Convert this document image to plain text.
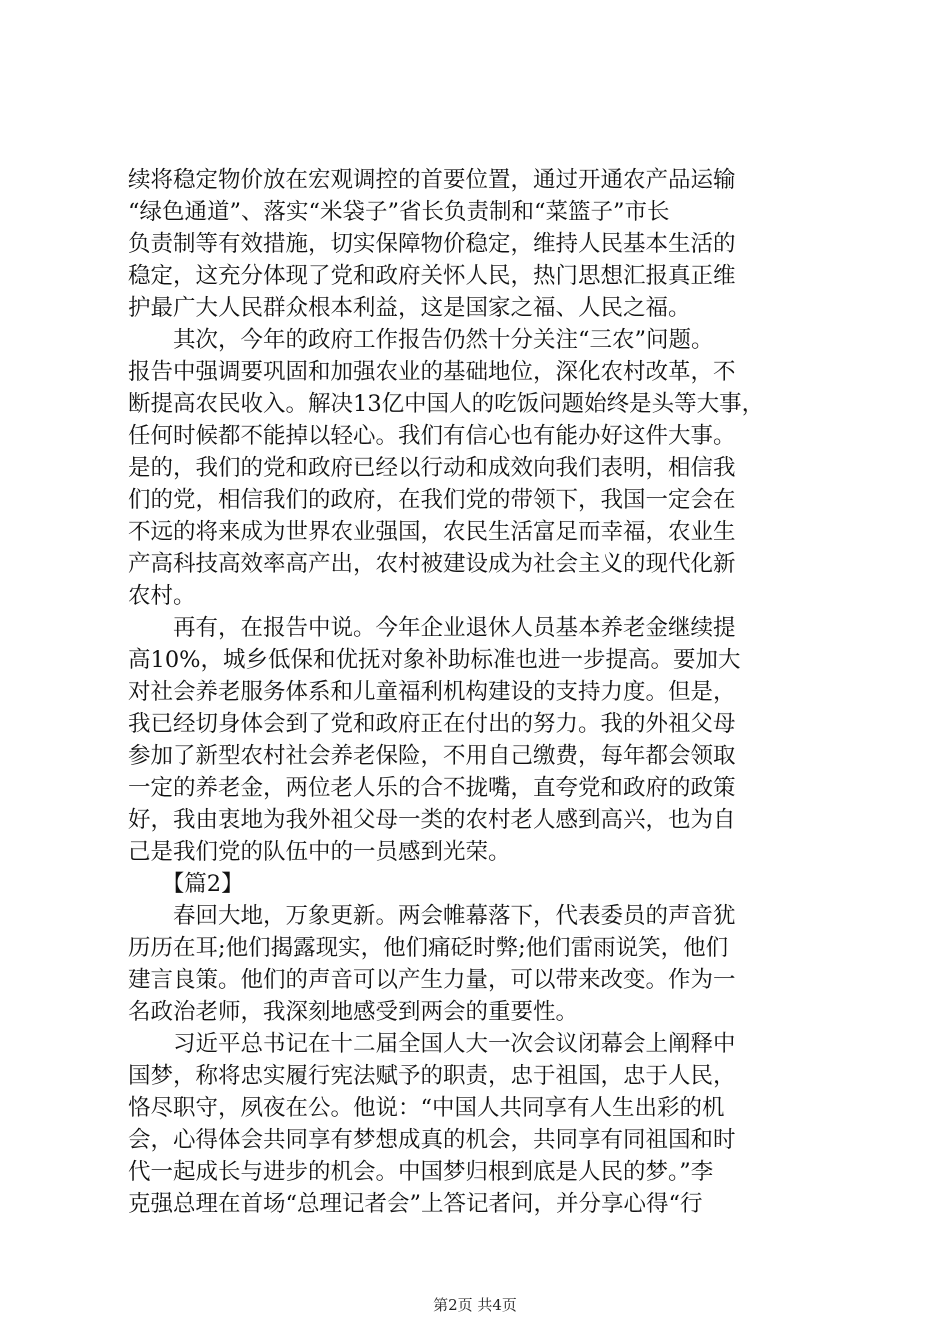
续将稳定物价放在宏观调控的首要位置，通过开通农产品运输
“绿色通道”、落实“米袋子”省长负责制和“菜篮子”市长
负责制等有效措施，切实保障物价稳定，维持人民基本生活的
稳定，这充分体现了党和政府关怀人民，热门思想汇报真正维
护最广大人民群众根本利益，这是国家之福、人民之福。
　　其次，今年的政府工作报告仍然十分关注“三农”问题。
报告中强调要巩固和加强农业的基础地位，深化农村改革，不
断提高农民收入。解决13亿中国人的吃饭问题始终是头等大事，
任何时候都不能掉以轻心。我们有信心也有能办好这件大事。
是的，我们的党和政府已经以行动和成效向我们表明，相信我
们的党，相信我们的政府，在我们党的带领下，我国一定会在
不远的将来成为世界农业强国，农民生活富足而幸福，农业生
产高科技高效率高产出，农村被建设成为社会主义的现代化新
农村。
　　再有，在报告中说。今年企业退休人员基本养老金继续提
高10%，城乡低保和优抚对象补助标准也进一步提高。要加大
对社会养老服务体系和儿童福利机构建设的支持力度。但是，
我已经切身体会到了党和政府正在付出的努力。我的外祖父母
参加了新型农村社会养老保险，不用自己缴费，每年都会领取
一定的养老金，两位老人乐的合不拢嘴，直夸党和政府的政策
好，我由衷地为我外祖父母一类的农村老人感到高兴，也为自
己是我们党的队伍中的一员感到光荣。
　　【篇2】
　　春回大地，万象更新。两会帷幕落下，代表委员的声音犹
历历在耳;他们揭露现实，他们痛砭时弊;他们雷雨说笑，他们
建言良策。他们的声音可以产生力量，可以带来改变。作为一
名政治老师，我深刻地感受到两会的重要性。
　　习近平总书记在十二届全国人大一次会议闭幕会上阐释中
国梦，称将忠实履行宪法赋予的职责，忠于祖国，忠于人民，
恪尽职守，夙夜在公。他说：“中国人共同享有人生出彩的机
会，心得体会共同享有梦想成真的机会，共同享有同祖国和时
代一起成长与进步的机会。中国梦归根到底是人民的梦。”李
克强总理在首场“总理记者会”上答记者问，并分享心得“行
第2页 共4页
